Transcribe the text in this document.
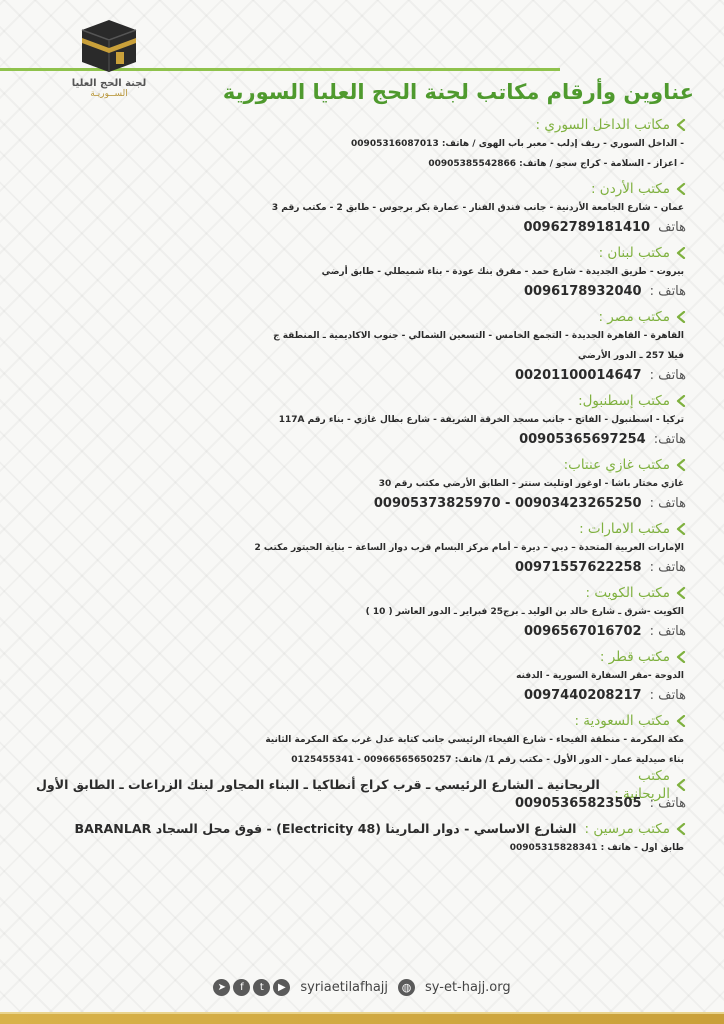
لجنة الحج العليا
الســوريـة	عناوين وأرقام مكاتب لجنة الحج العليا السورية
مكاتب الداخل السوري :
- الداخل السوري - ريف إدلب - معبر باب الهوى / هاتف: 00905316087013
- اعزاز - السلامة - كراج سجو / هاتف: 00905385542866
مكتب الأردن :
عمان - شارع الجامعة الأردنية - جانب فندق الفنار - عمارة بكر برجوس - طابق 2 - مكتب رقم 3
هاتف00962789181410
مكتب لبنان :
بيروت - طريق الجديدة - شارع حمد - مفرق بنك عودة - بناء شميطلي - طابق أرضي
هاتف :0096178932040
مكتب مصر :
القاهرة - القاهرة الجديدة - التجمع الخامس - التسعين الشمالي - جنوب الاكاديمية ـ المنطقة ج
فيلا 257 ـ الدور الأرضي
هاتف :00201100014647
مكتب إسطنبول:
تركيا - اسطنبول - الفاتح - جانب مسجد الخرقة الشريفة - شارع بطال غازي - بناء رقم 117A
هاتف:00905365697254
مكتب غازي عنتاب:
غازي مختار باشا - اوغور اوتليت سنتر - الطابق الأرضي مكتب رقم 30
هاتف :00903423265250 - 00905373825970
مكتب الامارات :
الإمارات العربية المتحدة – دبي – ديرة – أمام مركز البسام قرب دوار الساعة – بناية الحبتور مكتب 2
هاتف :00971557622258
مكتب الكويت :
الكويت -شرق ـ شارع خالد بن الوليد ـ برج25 فبراير ـ الدور العاشر ( 10 )
هاتف :0096567016702
مكتب قطر :
الدوحة -مقر السفارة السورية - الدفنه
هاتف :0097440208217
مكتب السعودية :
مكة المكرمة - منطقة الفيحاء - شارع الفيحاء الرئيسي جانب كتابة عدل غرب مكة المكرمة الثانية
بناء صيدلية عمار - الدور الأول - مكتب رقم 1/ هاتف: 00966565650257 - 0125455341
مكتب الريحانية :
الريحانية ـ الشارع الرئيسي ـ قرب كراج أنطاكيا ـ البناء المجاور لبنك الزراعات ـ الطابق الأول
هاتف :00905365823505
مكتب مرسين :
الشارع الاساسي - دوار المارينا (Electricity 48) - فوق محل السجاد BARANLAR
طابق اول - هاتف : 00905315828341
➤	f	t	▶	syriaetilafhajj	◍ sy-et-hajj.org
